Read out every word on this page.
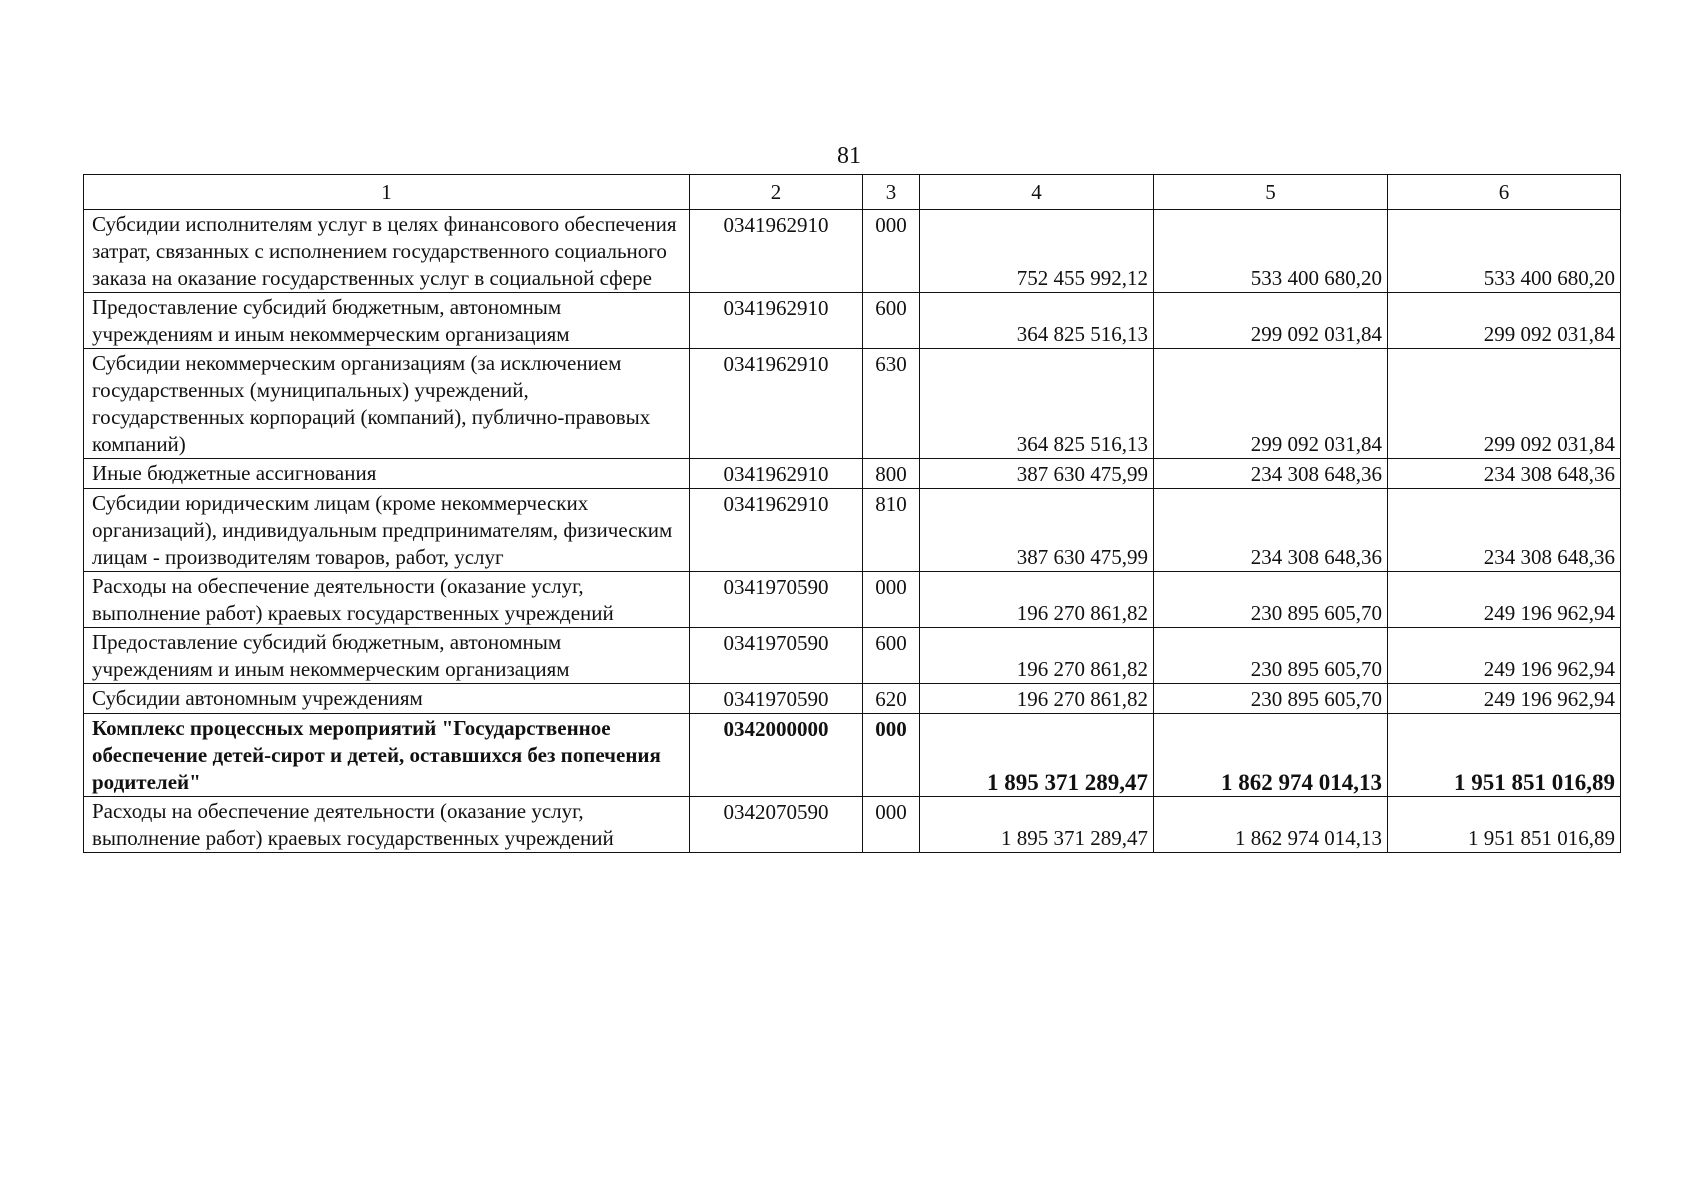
81
1	2	3	4	5	6
Субсидии исполнителям услуг в целях финансового обеспечения затрат, связанных с исполнением государственного социального заказа на оказание государственных услуг в социальной сфере	0341962910	000	752 455 992,12	533 400 680,20	533 400 680,20
Предоставление субсидий бюджетным, автономным учреждениям и иным некоммерческим организациям	0341962910	600	364 825 516,13	299 092 031,84	299 092 031,84
Субсидии некоммерческим организациям (за исключением государственных (муниципальных) учреждений, государственных корпораций (компаний), публично-правовых компаний)	0341962910	630	364 825 516,13	299 092 031,84	299 092 031,84
Иные бюджетные ассигнования	0341962910	800	387 630 475,99	234 308 648,36	234 308 648,36
Субсидии юридическим лицам (кроме некоммерческих организаций), индивидуальным предпринимателям, физическим лицам - производителям товаров, работ, услуг	0341962910	810	387 630 475,99	234 308 648,36	234 308 648,36
Расходы на обеспечение деятельности (оказание услуг, выполнение работ) краевых государственных учреждений	0341970590	000	196 270 861,82	230 895 605,70	249 196 962,94
Предоставление субсидий бюджетным, автономным учреждениям и иным некоммерческим организациям	0341970590	600	196 270 861,82	230 895 605,70	249 196 962,94
Субсидии автономным учреждениям	0341970590	620	196 270 861,82	230 895 605,70	249 196 962,94
Комплекс процессных мероприятий "Государственное обеспечение детей-сирот и детей, оставшихся без попечения родителей"	0342000000	000	1 895 371 289,47	1 862 974 014,13	1 951 851 016,89
Расходы на обеспечение деятельности (оказание услуг, выполнение работ) краевых государственных учреждений	0342070590	000	1 895 371 289,47	1 862 974 014,13	1 951 851 016,89
